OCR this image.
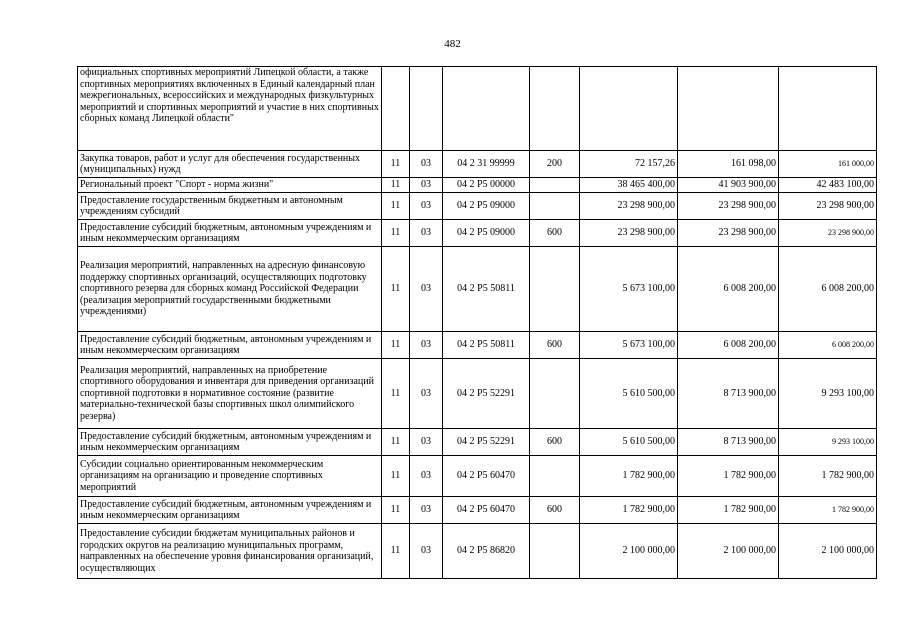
482
официальных спортивных мероприятий Липецкой области, а также спортивных мероприятиях включенных в Единый календарный план межрегиональных, всероссийских и международных физкультурных мероприятий и спортивных мероприятий и участие в них спортивных сборных команд Липецкой области"							
Закупка товаров, работ и услуг для обеспечения государственных (муниципальных) нужд	11	03	04 2 31 99999	200	72 157,26	161 098,00	161 000,00
Региональный проект "Спорт - норма жизни"	11	03	04 2 P5 00000		38 465 400,00	41 903 900,00	42 483 100,00
Предоставление государственным бюджетным и автономным учреждениям субсидий	11	03	04 2 P5 09000		23 298 900,00	23 298 900,00	23 298 900,00
Предоставление субсидий бюджетным, автономным учреждениям и иным некоммерческим организациям	11	03	04 2 P5 09000	600	23 298 900,00	23 298 900,00	23 298 900,00
Реализация мероприятий, направленных на адресную финансовую поддержку спортивных организаций, осуществляющих подготовку спортивного резерва для сборных команд Российской Федерации (реализация мероприятий государственными бюджетными учреждениями)	11	03	04 2 P5 50811		5 673 100,00	6 008 200,00	6 008 200,00
Предоставление субсидий бюджетным, автономным учреждениям и иным некоммерческим организациям	11	03	04 2 P5 50811	600	5 673 100,00	6 008 200,00	6 008 200,00
Реализация мероприятий, направленных на приобретение спортивного оборудования и инвентаря для приведения организаций спортивной подготовки в нормативное состояние (развитие материально-технической базы спортивных школ олимпийского резерва)	11	03	04 2 P5 52291		5 610 500,00	8 713 900,00	9 293 100,00
Предоставление субсидий бюджетным, автономным учреждениям и иным некоммерческим организациям	11	03	04 2 P5 52291	600	5 610 500,00	8 713 900,00	9 293 100,00
Субсидии социально ориентированным некоммерческим организациям на организацию и проведение спортивных мероприятий	11	03	04 2 P5 60470		1 782 900,00	1 782 900,00	1 782 900,00
Предоставление субсидий бюджетным, автономным учреждениям и иным некоммерческим организациям	11	03	04 2 P5 60470	600	1 782 900,00	1 782 900,00	1 782 900,00
Предоставление субсидии бюджетам муниципальных районов и городских округов на реализацию муниципальных программ, направленных на обеспечение уровня финансирования организаций, осуществляющих	11	03	04 2 P5 86820		2 100 000,00	2 100 000,00	2 100 000,00
